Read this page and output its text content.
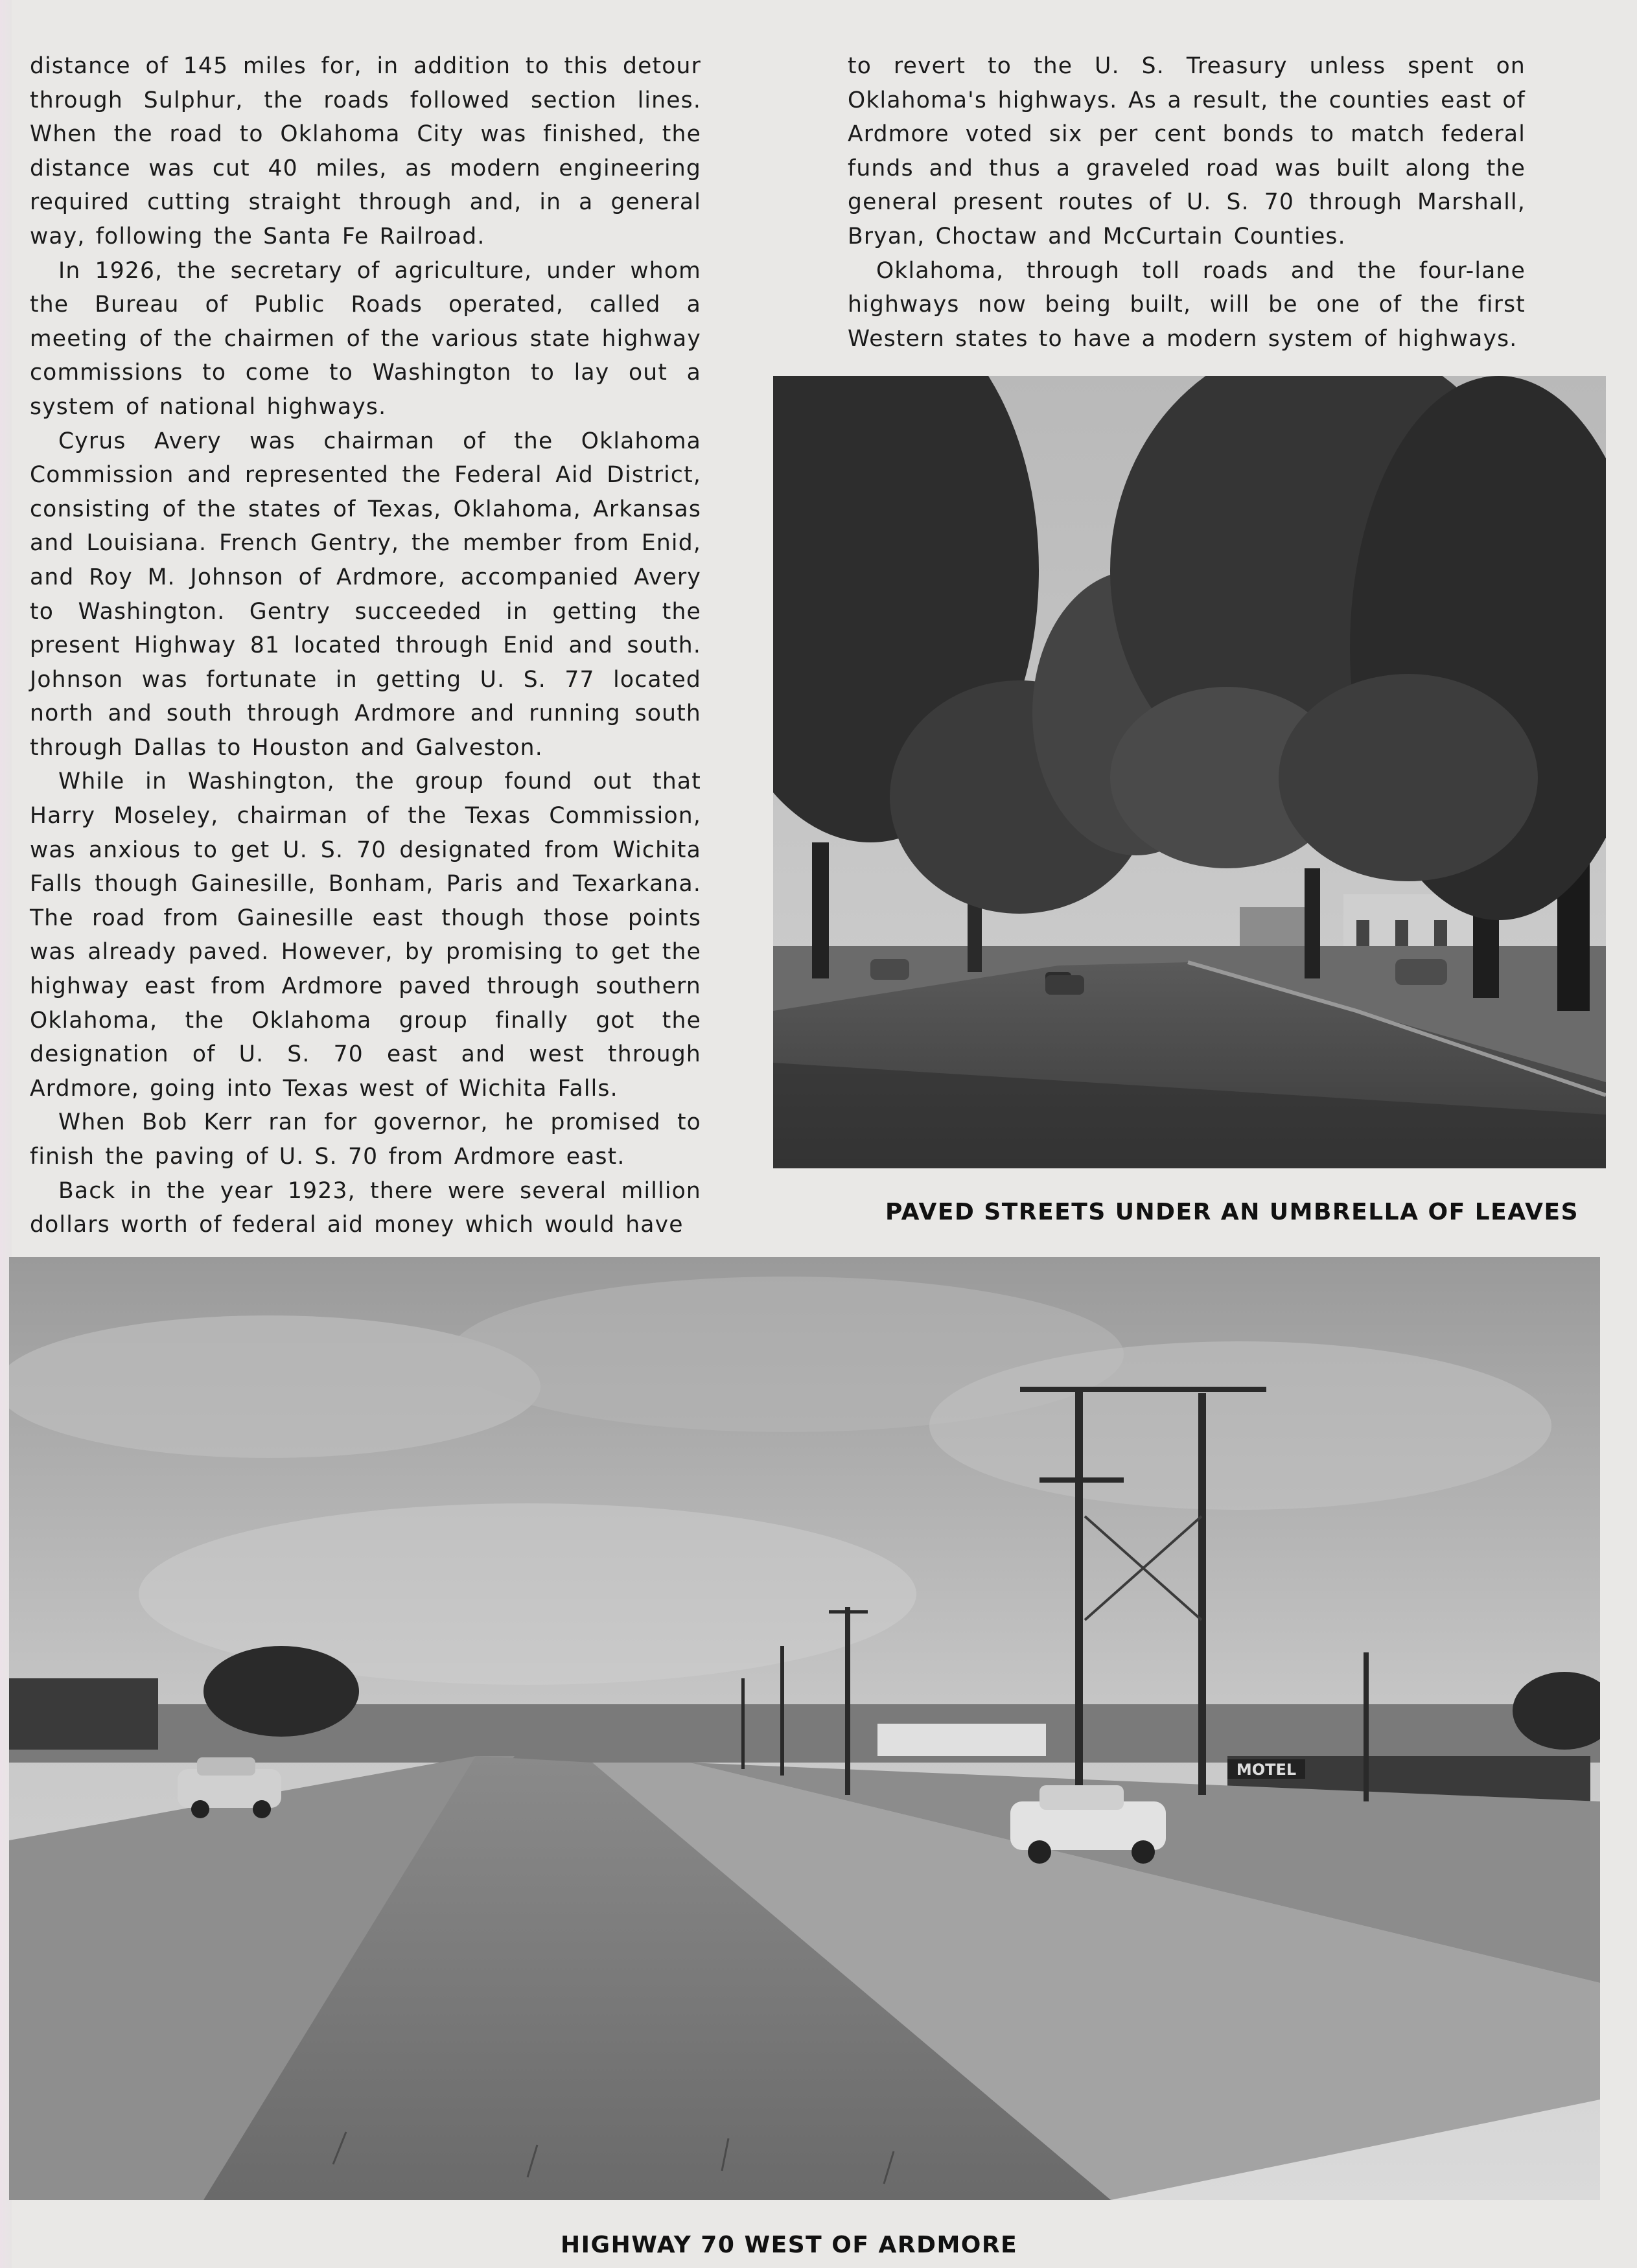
distance of 145 miles for, in addition to this detour through Sulphur, the roads followed section lines. When the road to Oklahoma City was finished, the distance was cut 40 miles, as modern engineering required cutting straight through and, in a general way, following the Santa Fe Railroad.

In 1926, the secretary of agriculture, under whom the Bureau of Public Roads operated, called a meeting of the chairmen of the various state highway commissions to come to Washington to lay out a system of national highways.

Cyrus Avery was chairman of the Oklahoma Commission and represented the Federal Aid District, consisting of the states of Texas, Oklahoma, Arkansas and Louisiana. French Gentry, the member from Enid, and Roy M. Johnson of Ardmore, accompanied Avery to Washington. Gentry succeeded in getting the present Highway 81 located through Enid and south. Johnson was fortunate in getting U. S. 77 located north and south through Ardmore and running south through Dallas to Houston and Galveston.

While in Washington, the group found out that Harry Moseley, chairman of the Texas Commission, was anxious to get U. S. 70 designated from Wichita Falls though Gainesille, Bonham, Paris and Texarkana. The road from Gainesille east though those points was already paved. However, by promising to get the highway east from Ardmore paved through southern Oklahoma, the Oklahoma group finally got the designation of U. S. 70 east and west through Ardmore, going into Texas west of Wichita Falls.

When Bob Kerr ran for governor, he promised to finish the paving of U. S. 70 from Ardmore east.

Back in the year 1923, there were several million dollars worth of federal aid money which would have

to revert to the U. S. Treasury unless spent on Oklahoma's highways. As a result, the counties east of Ardmore voted six per cent bonds to match federal funds and thus a graveled road was built along the general present routes of U. S. 70 through Marshall, Bryan, Choctaw and McCurtain Counties.

Oklahoma, through toll roads and the four-lane highways now being built, will be one of the first Western states to have a modern system of highways.

PAVED STREETS UNDER AN UMBRELLA OF LEAVES
MOTEL
HIGHWAY 70 WEST OF ARDMORE
